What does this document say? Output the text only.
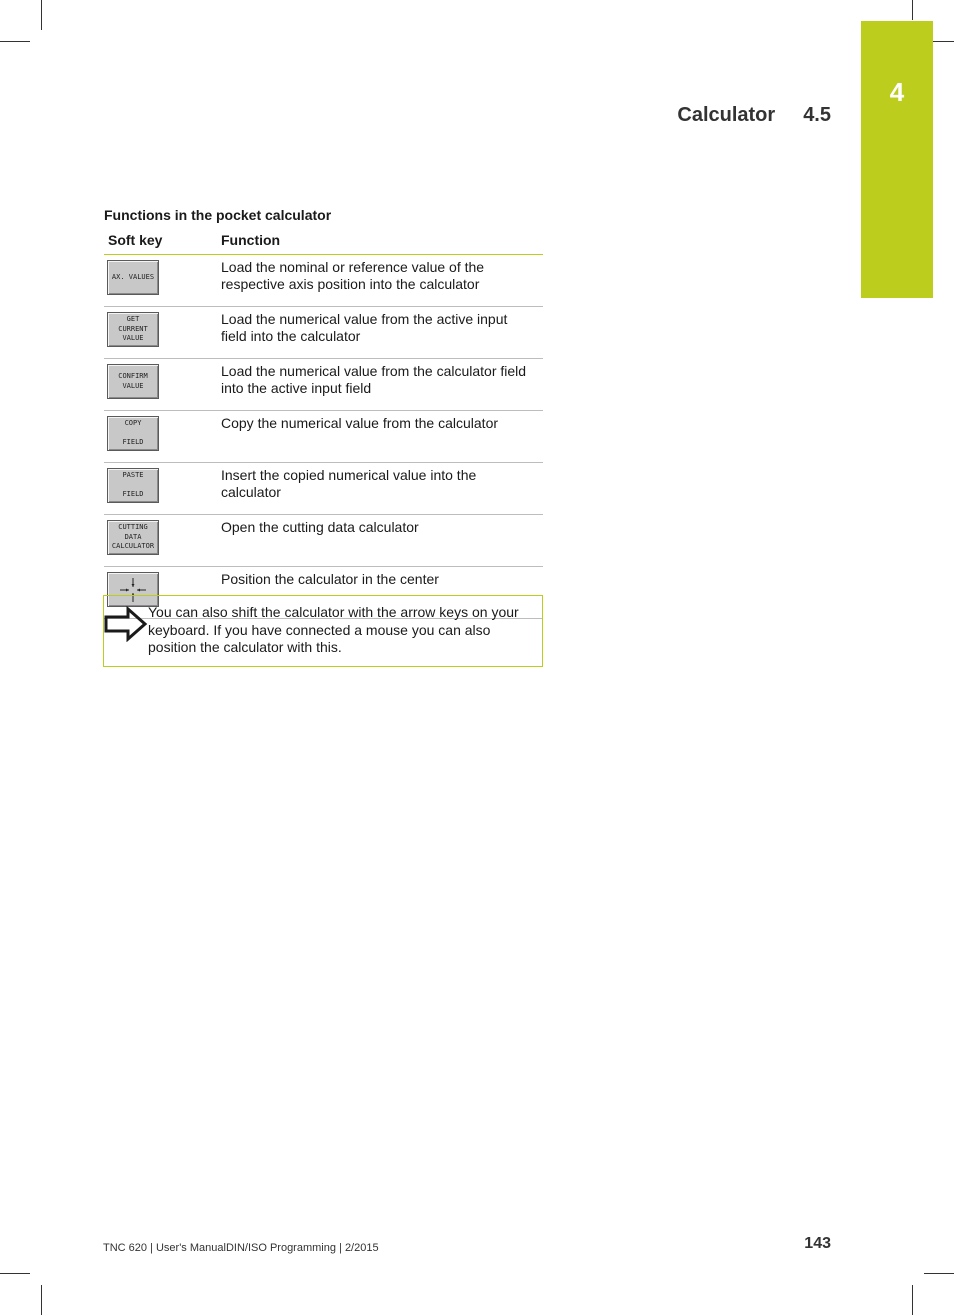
4
Calculator 4.5
Functions in the pocket calculator
Soft key	Function

AX. VALUES	Load the nominal or reference value of the respective axis position into the calculator

GET
CURRENT
VALUE	Load the numerical value from the active input field into the calculator

CONFIRM
VALUE	Load the numerical value from the calculator field into the active input field

COPY

FIELD	Copy the numerical value from the calculator

PASTE

FIELD	Insert the copied numerical value into the calculator

CUTTING
DATA
CALCULATOR	Open the cutting data calculator

	Position the calculator in the center
You can also shift the calculator with the arrow keys on your keyboard. If you have connected a mouse you can also position the calculator with this.
TNC 620 | User's ManualDIN/ISO Programming | 2/2015	143
